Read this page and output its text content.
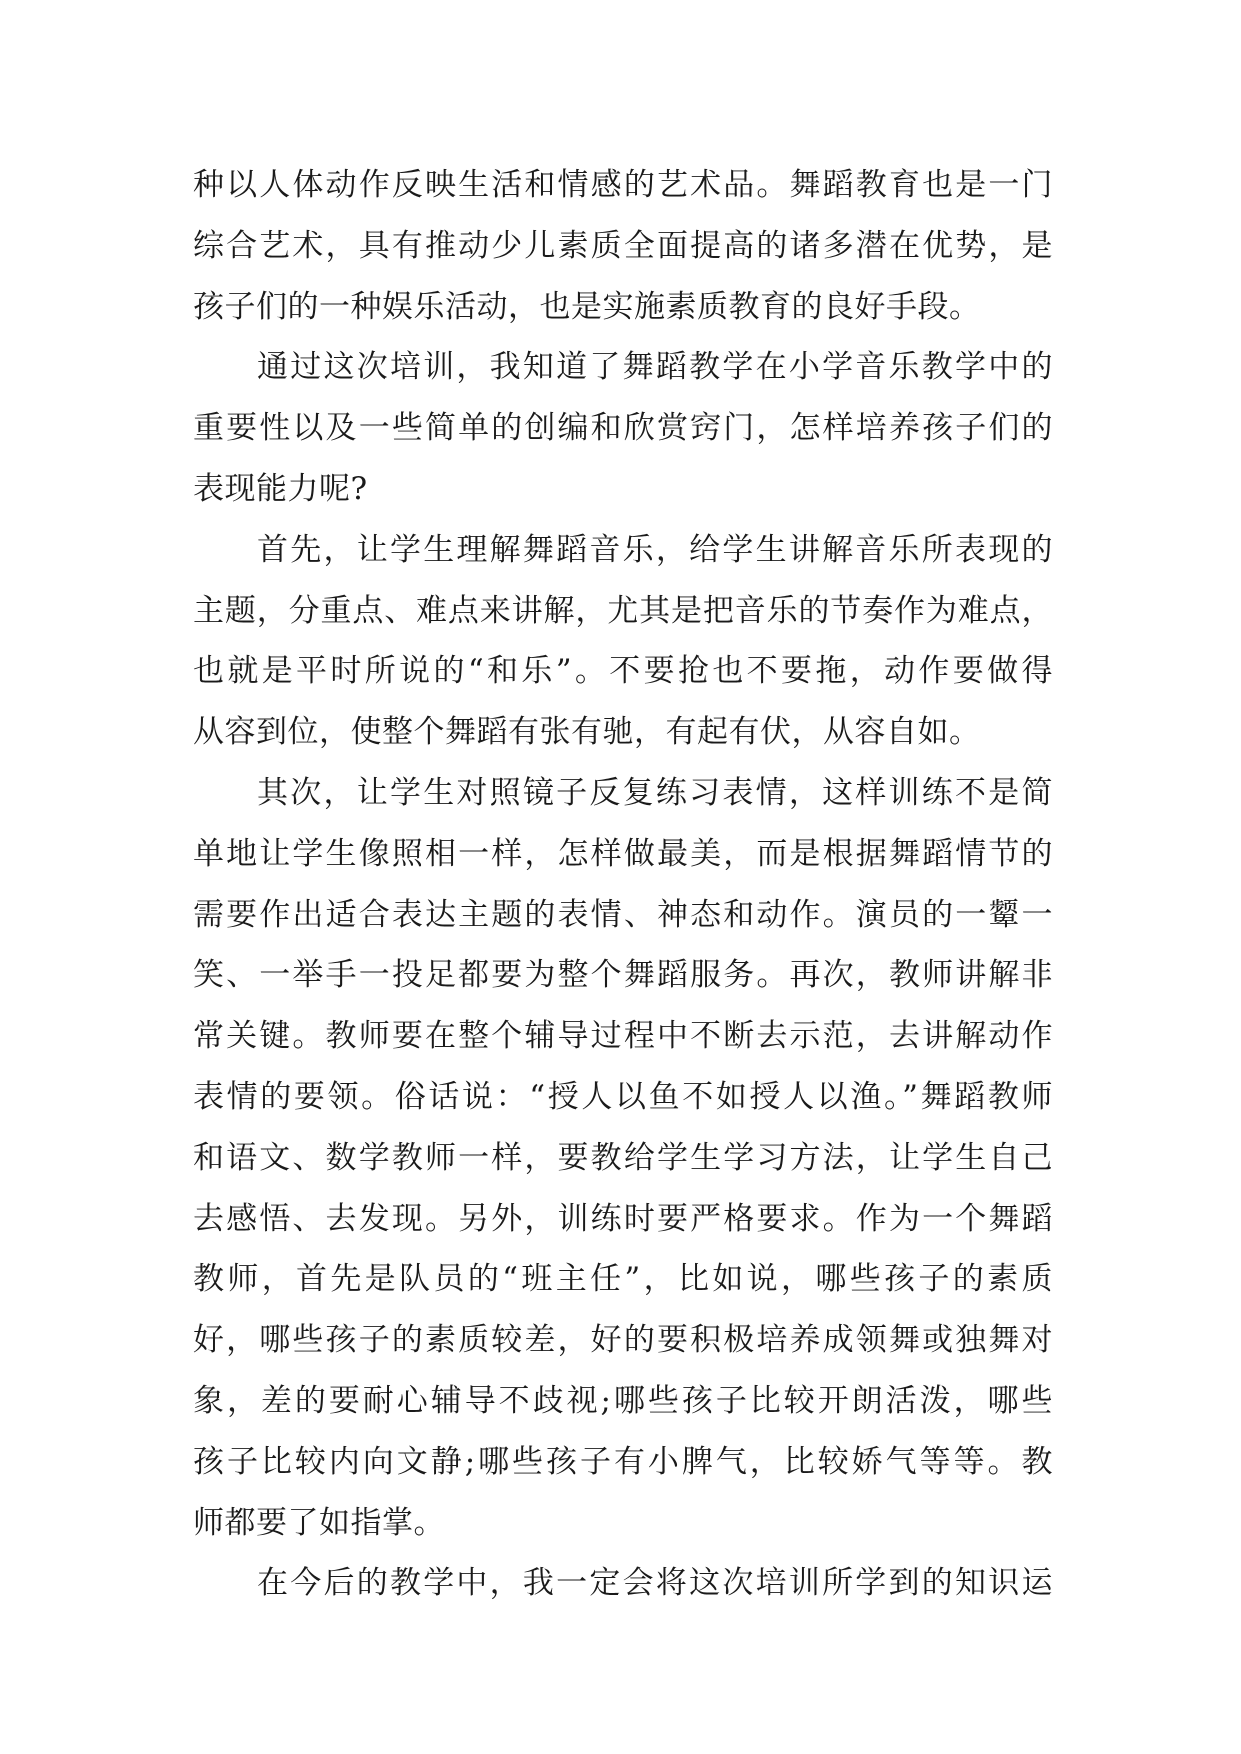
种以人体动作反映生活和情感的艺术品。舞蹈教育也是一门
综合艺术，具有推动少儿素质全面提高的诸多潜在优势，是
孩子们的一种娱乐活动，也是实施素质教育的良好手段。
通过这次培训，我知道了舞蹈教学在小学音乐教学中的
重要性以及一些简单的创编和欣赏窍门，怎样培养孩子们的
表现能力呢?
首先，让学生理解舞蹈音乐，给学生讲解音乐所表现的
主题，分重点、难点来讲解，尤其是把音乐的节奏作为难点，
也就是平时所说的“和乐”。不要抢也不要拖，动作要做得
从容到位，使整个舞蹈有张有驰，有起有伏，从容自如。
其次，让学生对照镜子反复练习表情，这样训练不是简
单地让学生像照相一样，怎样做最美，而是根据舞蹈情节的
需要作出适合表达主题的表情、神态和动作。演员的一颦一
笑、一举手一投足都要为整个舞蹈服务。再次，教师讲解非
常关键。教师要在整个辅导过程中不断去示范，去讲解动作
表情的要领。俗话说：“授人以鱼不如授人以渔。”舞蹈教师
和语文、数学教师一样，要教给学生学习方法，让学生自己
去感悟、去发现。另外，训练时要严格要求。作为一个舞蹈
教师，首先是队员的“班主任”，比如说，哪些孩子的素质
好，哪些孩子的素质较差，好的要积极培养成领舞或独舞对
象，差的要耐心辅导不歧视;哪些孩子比较开朗活泼，哪些
孩子比较内向文静;哪些孩子有小脾气，比较娇气等等。教
师都要了如指掌。
在今后的教学中，我一定会将这次培训所学到的知识运
